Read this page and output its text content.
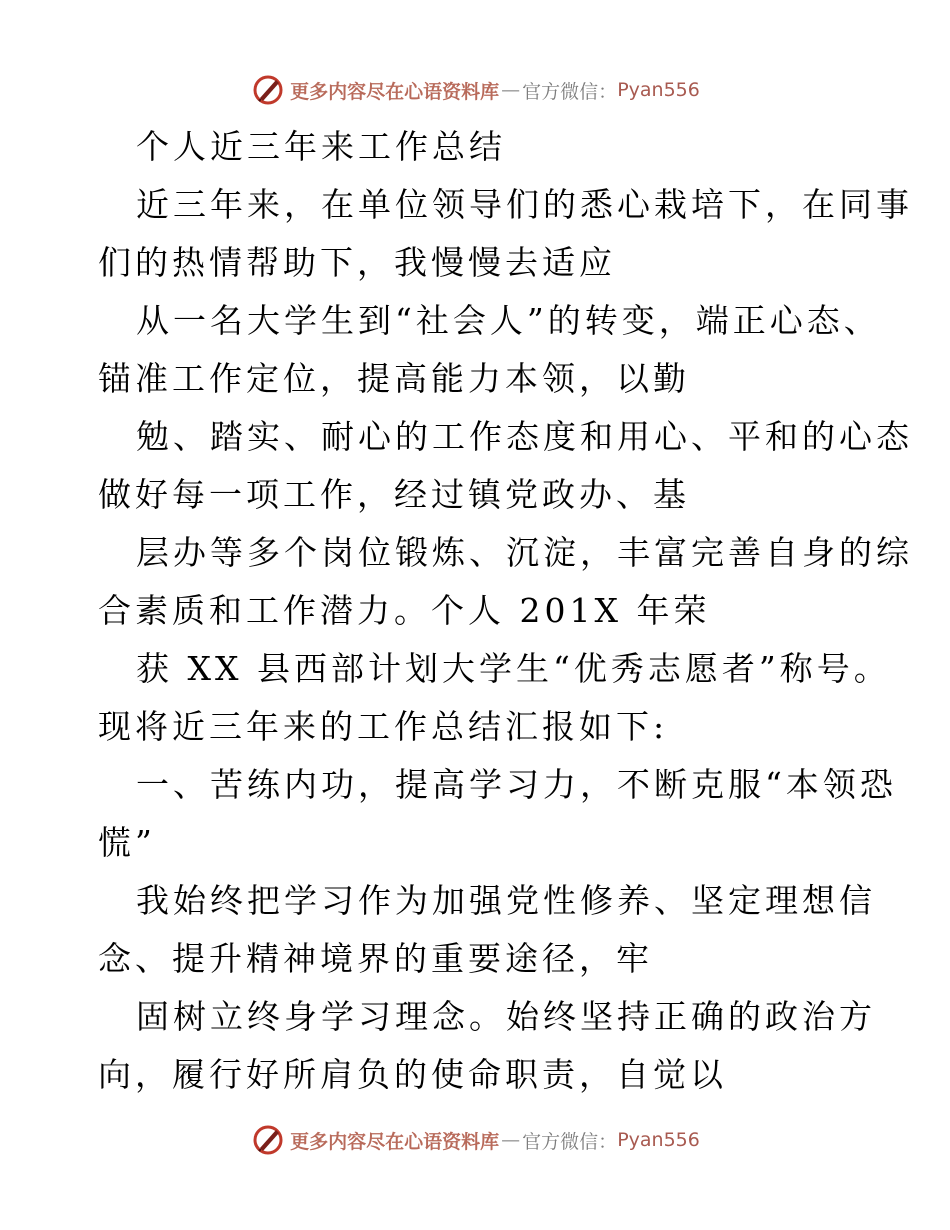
更多内容尽在心语资料库 — 官方微信： Pyan556
个人近三年来工作总结
近三年来，在单位领导们的悉心栽培下，在同事
们的热情帮助下，我慢慢去适应
从一名大学生到“社会人”的转变，端正心态、
锚准工作定位，提高能力本领，以勤
勉、踏实、耐心的工作态度和用心、平和的心态
做好每一项工作，经过镇党政办、基
层办等多个岗位锻炼、沉淀，丰富完善自身的综
合素质和工作潜力。个人 201X 年荣
获 XX 县西部计划大学生“优秀志愿者”称号。
现将近三年来的工作总结汇报如下:
一、苦练内功，提高学习力，不断克服“本领恐
慌”
我始终把学习作为加强党性修养、坚定理想信
念、提升精神境界的重要途径，牢
固树立终身学习理念。始终坚持正确的政治方
向，履行好所肩负的使命职责，自觉以
更多内容尽在心语资料库 — 官方微信： Pyan556
